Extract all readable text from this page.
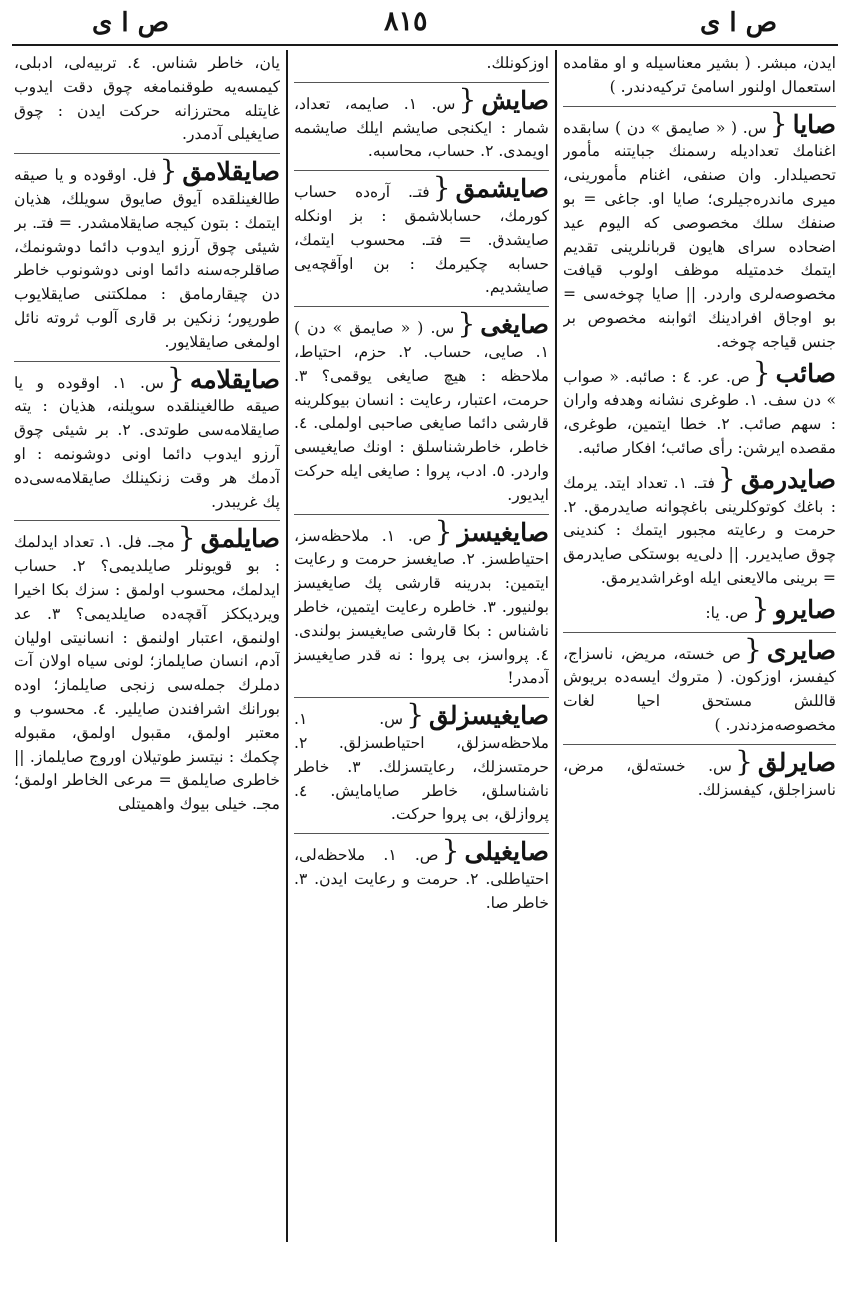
ص ا ى
٨١٥
ص ا ى
ايدن، مبشر. ( بشير معناسيله و او مقامده استعمال اولنور اسامیٔ تركيه‌دندر. )
صايا{س. ( « صايمق » دن ) سابقده اغنامك تعداديله رسمنك جبايتنه مأمور تحصيلدار. وان صنفى، اغنام مأمورينى، ميرى ماندره‌جيلرى؛ صايا او. جاغى = بو صنفك سلك مخصوصى كه اليوم عيد اضحاده سراى هايون قربانلرينى تقديم ايتمك خدمتيله موظف اولوب قيافت مخصوصه‌لرى واردر. || صايا چوخه‌سى = بو اوجاق افرادينك اثوابنه مخصوص بر جنس قياجه چوخه.
صائب{ص. عر. ٤ : صائبه. « صواب » دن سف. ١. طوغرى نشانه وهدفه واران : سهم صائب. ٢. خطا ايتمين، طوغرى، مقصده ايرشن: رأى صائب؛ افكار صائبه.
صايدرمق{فتـ. ١. تعداد ايتد. يرمك : باغك كوتوكلرينى باغچوانه صايدرمق. ٢. حرمت و رعايته مجبور ايتمك : كندينى چوق صايديرر. || دلى‌يه بوستكى صايدرمق = برينى مالايعنى ايله اوغراشديرمق.
صايرو{ص. يا:
صايرى{ص خسته، مريض، ناسزاج، كيفسز، اوزكون. ( متروك ايسه‌ده بريوش قاللش مستحق احيا لغات مخصوصه‌مزدندر. )
صايرلق{س. خسته‌لق، مرض، ناسزاجلق، كيفسزلك.
اوزكونلك.
صايش{س. ١. صايمه، تعداد، شمار : ايكنجى صايشم ايلك صايشمه اويمدى. ٢. حساب، محاسبه.
صايشمق{فتـ. آره‌ده حساب كورمك، حسابلاشمق : بز اونكله صايشدق. = فتـ. محسوب ايتمك، حسابه چكيرمك : بن اوآقچه‌يى صايشديم.
صايغى{س. ( « صايمق » دن ) ١. صايى، حساب. ٢. حزم، احتياط، ملاحظه : هيچ صايغى يوقمى؟ ٣. حرمت، اعتبار، رعايت : انسان بيوكلرينه قارشى دائما صايغى صاحبى اولملى. ٤. خاطر، خاطرشناسلق : اونك صايغيسى واردر. ٥. ادب، پروا : صايغى ايله حركت ايديور.
صايغيسز{ص. ١. ملاحظه‌سز، احتياطسز. ٢. صايغسز حرمت و رعايت ايتمين: بدرينه قارشى پك صايغيسز بولنيور. ٣. خاطره رعايت ايتمين، خاطر ناشناس : بكا قارشى صايغيسز بولندى. ٤. پرواسز، بى پروا : نه قدر صايغيسز آدمدر!
صايغيسزلق{س. ١. ملاحظه‌سزلق، احتياطسزلق. ٢. حرمتسزلك، رعايتسزلك. ٣. خاطر ناشناسلق، خاطر صايامايش. ٤. پروازلق، بى پروا حركت.
صايغيلى{ص. ١. ملاحظه‌لى، احتياطلى. ٢. حرمت و رعايت ايدن. ٣. خاطر صا.
يان، خاطر شناس. ٤. تربيه‌لى، ادبلى، كيمسه‌يه طوقنمامغه چوق دقت ايدوب غايتله محترزانه حركت ايدن : چوق صايغيلى آدمدر.
صايقلامق{فل. اوقوده و يا صيقه طالغينلقده آيوق صايوق سويلك، هذيان ايتمك : بتون كيجه صايقلامشدر. = فتـ. بر شيئى چوق آرزو ايدوب دائما دوشونمك، صاقلرجه‌سنه دائما اونى دوشونوب خاطر دن چيقارمامق : مملكتنى صايقلايوب طورپور؛ زنكين بر قارى آلوب ثروته نائل اولمغى صايقلايور.
صايقلامه{س. ١. اوقوده و يا صيقه طالغينلقده سويلنه، هذيان : يته صايقلامه‌سى طوتدى. ٢. بر شيئى چوق آرزو ايدوب دائما اونى دوشونمه : او آدمك هر وقت زنكينلك صايقلامه‌سى‌ده پك غريبدر.
صايلمق{مجـ. فل. ١. تعداد ايدلمك : بو قويونلر صايلديمى؟ ٢. حساب ايدلمك، محسوب اولمق : سزك بكا اخيرا ويرديككز آقچه‌ده صايلديمى؟ ٣. عد اولنمق، اعتبار اولنمق : انسانيتى اوليان آدم، انسان صايلماز؛ لونى سياه اولان آت دملرك جمله‌سى زنجى صايلماز؛ اوده بورانك اشرافندن صايلير. ٤. محسوب و معتبر اولمق، مقبول اولمق، مقبوله چكمك : نيتسز طوتيلان اوروج صايلماز. || خاطرى صايلمق = مرعى الخاطر اولمق؛ مجـ. خيلى بيوك واهميتلى
